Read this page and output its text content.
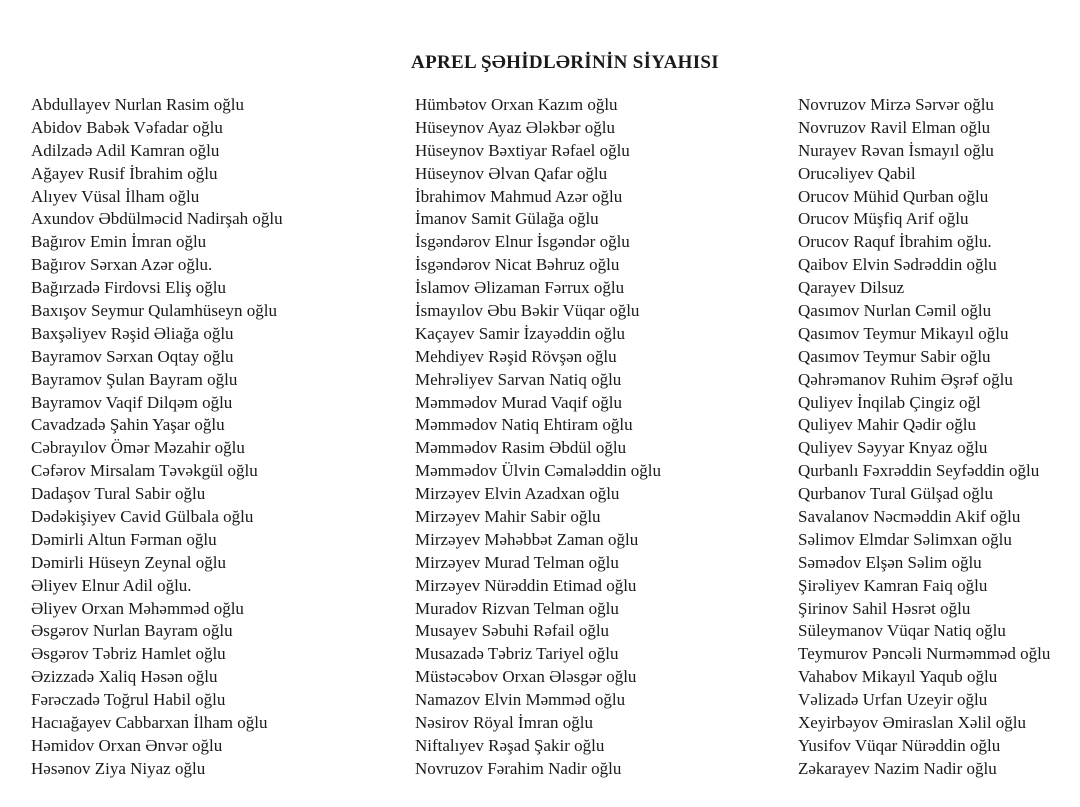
APREL ŞƏHİDLƏRİNİN SİYAHISI
Abdullayev Nurlan Rasim oğlu
Abidov Babək Vəfadar oğlu
Adilzadə Adil Kamran oğlu
Ağayev Rusif İbrahim oğlu
Alıyev Vüsal İlham oğlu
Axundov Əbdülməcid Nadirşah oğlu
Bağırov Emin İmran oğlu
Bağırov Sərxan Azər oğlu.
Bağırzadə Firdovsi Eliş oğlu
Baxışov Seymur Qulamhüseyn oğlu
Baxşəliyev Rəşid Əliağa oğlu
Bayramov Sərxan Oqtay oğlu
Bayramov Şulan Bayram oğlu
Bayramov Vaqif Dilqəm oğlu
Cavadzadə Şahin Yaşar oğlu
Cəbrayılov Ömər Məzahir oğlu
Cəfərov Mirsalam Təvəkgül oğlu
Dadaşov Tural Sabir oğlu
Dədəkişiyev Cavid Gülbala oğlu
Dəmirli Altun Fərman oğlu
Dəmirli Hüseyn Zeynal oğlu
Əliyev Elnur Adil oğlu.
Əliyev Orxan Məhəmməd oğlu
Əsgərov Nurlan Bayram oğlu
Əsgərov Təbriz Hamlet oğlu
Əzizzadə Xaliq Həsən oğlu
Fərəczadə Toğrul Habil oğlu
Hacıağayev Cabbarxan İlham oğlu
Həmidov Orxan Ənvər oğlu
Həsənov Ziya Niyaz oğlu
Hümbətov Orxan Kazım oğlu
Hüseynov Ayaz Ələkbər oğlu
Hüseynov Bəxtiyar Rəfael oğlu
Hüseynov Əlvan Qafar oğlu
İbrahimov Mahmud Azər oğlu
İmanov Samit Gülağa oğlu
İsgəndərov Elnur İsgəndər oğlu
İsgəndərov Nicat Bəhruz oğlu
İslamov Əlizaman Fərrux oğlu
İsmayılov Əbu Bəkir Vüqar oğlu
Kaçayev Samir İzayəddin oğlu
Mehdiyev Rəşid Rövşən oğlu
Mehrəliyev Sarvan Natiq oğlu
Məmmədov Murad Vaqif oğlu
Məmmədov Natiq Ehtiram oğlu
Məmmədov Rasim Əbdül oğlu
Məmmədov Ülvin Cəmaləddin oğlu
Mirzəyev Elvin Azadxan oğlu
Mirzəyev Mahir Sabir oğlu
Mirzəyev Məhəbbət Zaman oğlu
Mirzəyev Murad Telman oğlu
Mirzəyev Nürəddin Etimad oğlu
Muradov Rizvan Telman oğlu
Musayev Səbuhi Rəfail oğlu
Musazadə Təbriz Tariyel oğlu
Müstəcəbov Orxan Ələsgər oğlu
Namazov Elvin Məmməd oğlu
Nəsirov Röyal İmran oğlu
Niftalıyev Rəşad Şakir oğlu
Novruzov Fərahim Nadir oğlu
Novruzov Mirzə Sərvər oğlu
Novruzov Ravil Elman oğlu
Nurayev Rəvan İsmayıl oğlu
Orucəliyev Qabil
Orucov Mühid Qurban oğlu
Orucov Müşfiq Arif oğlu
Orucov Raquf İbrahim oğlu.
Qaibov Elvin Sədrəddin oğlu
Qarayev Dilsuz
Qasımov Nurlan Cəmil oğlu
Qasımov Teymur Mikayıl oğlu
Qasımov Teymur Sabir oğlu
Qəhrəmanov Ruhim Əşrəf oğlu
Quliyev İnqilab Çingiz oğl
Quliyev Mahir Qədir oğlu
Quliyev Səyyar Knyaz oğlu
Qurbanlı Fəxrəddin Seyfəddin oğlu
Qurbanov Tural Gülşad oğlu
Savalanov Nəcməddin Akif oğlu
Səlimov Elmdar Səlimxan oğlu
Səmədov Elşən Səlim oğlu
Şirəliyev Kamran Faiq oğlu
Şirinov Sahil Həsrət oğlu
Süleymanov Vüqar Natiq oğlu
Teymurov Pəncəli Nurməmməd oğlu
Vahabov Mikayıl Yaqub oğlu
Vəlizadə Urfan Uzeyir oğlu
Xeyirbəyov Əmiraslan Xəlil oğlu
Yusifov Vüqar Nürəddin oğlu
Zəkarayev Nazim Nadir oğlu
